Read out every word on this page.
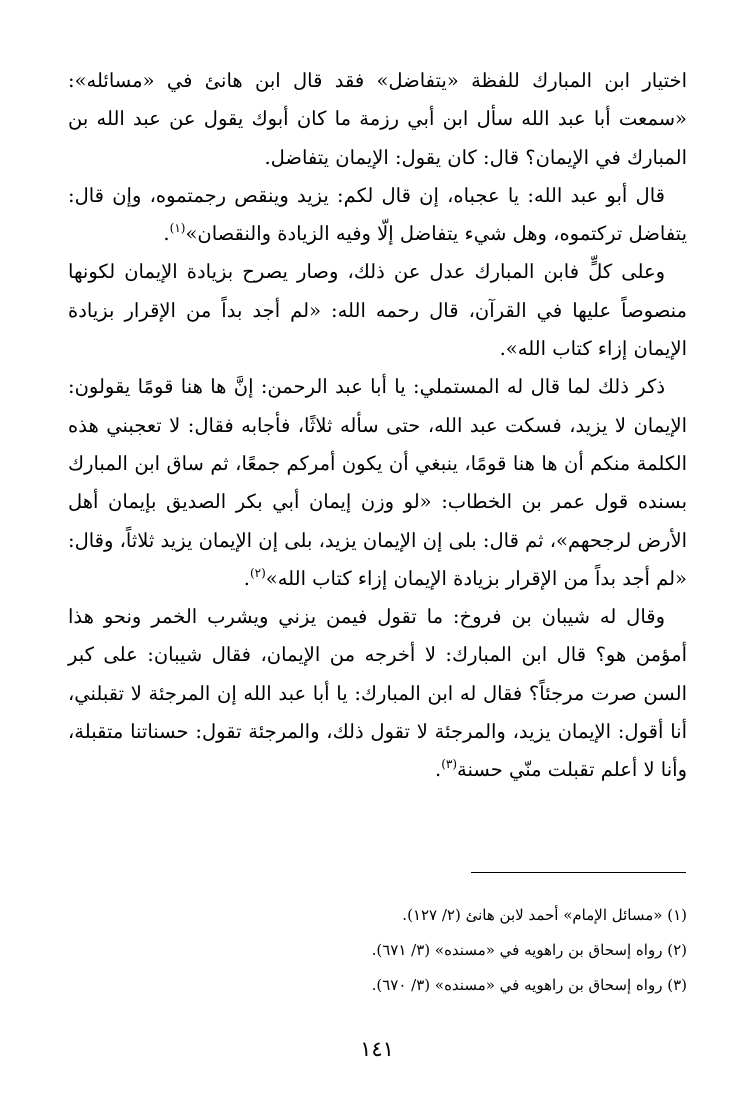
اختيار ابن المبارك للفظة «يتفاضل» فقد قال ابن هانئ في «مسائله»: «سمعت أبا عبد الله سأل ابن أبي رزمة ما كان أبوك يقول عن عبد الله بن المبارك في الإيمان؟ قال: كان يقول: الإيمان يتفاضل.

قال أبو عبد الله: يا عجباه، إن قال لكم: يزيد وينقص رجمتموه، وإن قال: يتفاضل تركتموه، وهل شيء يتفاضل إلّا وفيه الزيادة والنقصان»$^{(١)}$.

وعلى كلٍّ فابن المبارك عدل عن ذلك، وصار يصرح بزيادة الإيمان لكونها منصوصاً عليها في القرآن، قال رحمه الله: «لم أجد بداً من الإقرار بزيادة الإيمان إزاء كتاب الله».

ذكر ذلك لما قال له المستملي: يا أبا عبد الرحمن: إنَّ ها هنا قومًا يقولون: الإيمان لا يزيد، فسكت عبد الله، حتى سأله ثلاثًا، فأجابه فقال: لا تعجبني هذه الكلمة منكم أن ها هنا قومًا، ينبغي أن يكون أمركم جمعًا، ثم ساق ابن المبارك بسنده قول عمر بن الخطاب: «لو وزن إيمان أبي بكر الصديق بإيمان أهل الأرض لرجحهم»، ثم قال: بلى إن الإيمان يزيد، بلى إن الإيمان يزيد ثلاثاً، وقال: «لم أجد بداً من الإقرار بزيادة الإيمان إزاء كتاب الله»$^{(٢)}$.

وقال له شيبان بن فروخ: ما تقول فيمن يزني ويشرب الخمر ونحو هذا أمؤمن هو؟ قال ابن المبارك: لا أخرجه من الإيمان، فقال شيبان: على كبر السن صرت مرجئاً؟ فقال له ابن المبارك: يا أبا عبد الله إن المرجئة لا تقبلني، أنا أقول: الإيمان يزيد، والمرجئة لا تقول ذلك، والمرجئة تقول: حسناتنا متقبلة، وأنا لا أعلم تقبلت منّي حسنة$^{(٣)}$.

(١) «مسائل الإمام» أحمد لابن هانئ (٢/ ١٢٧).
(٢) رواه إسحاق بن راهويه في «مسنده» (٣/ ٦٧١).
(٣) رواه إسحاق بن راهويه في «مسنده» (٣/ ٦٧٠).
١٤١
